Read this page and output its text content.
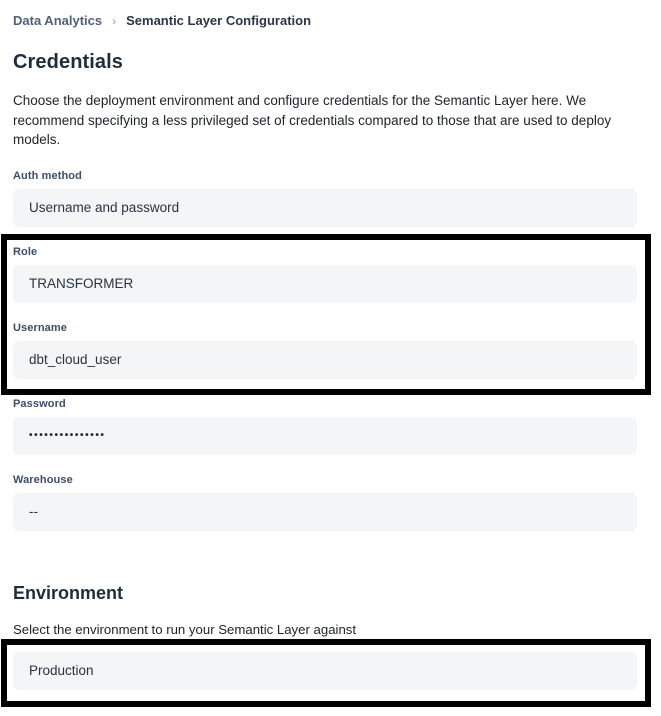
Data Analytics › Semantic Layer Configuration
Credentials

Choose the deployment environment and configure credentials for the Semantic Layer here. We recommend specifying a less privileged set of credentials compared to those that are used to deploy models.

Auth method
Username and password
Role
TRANSFORMER
Username
dbt_cloud_user
Password
•••••••••••••••
Warehouse
--
Environment

Select the environment to run your Semantic Layer against

Production
